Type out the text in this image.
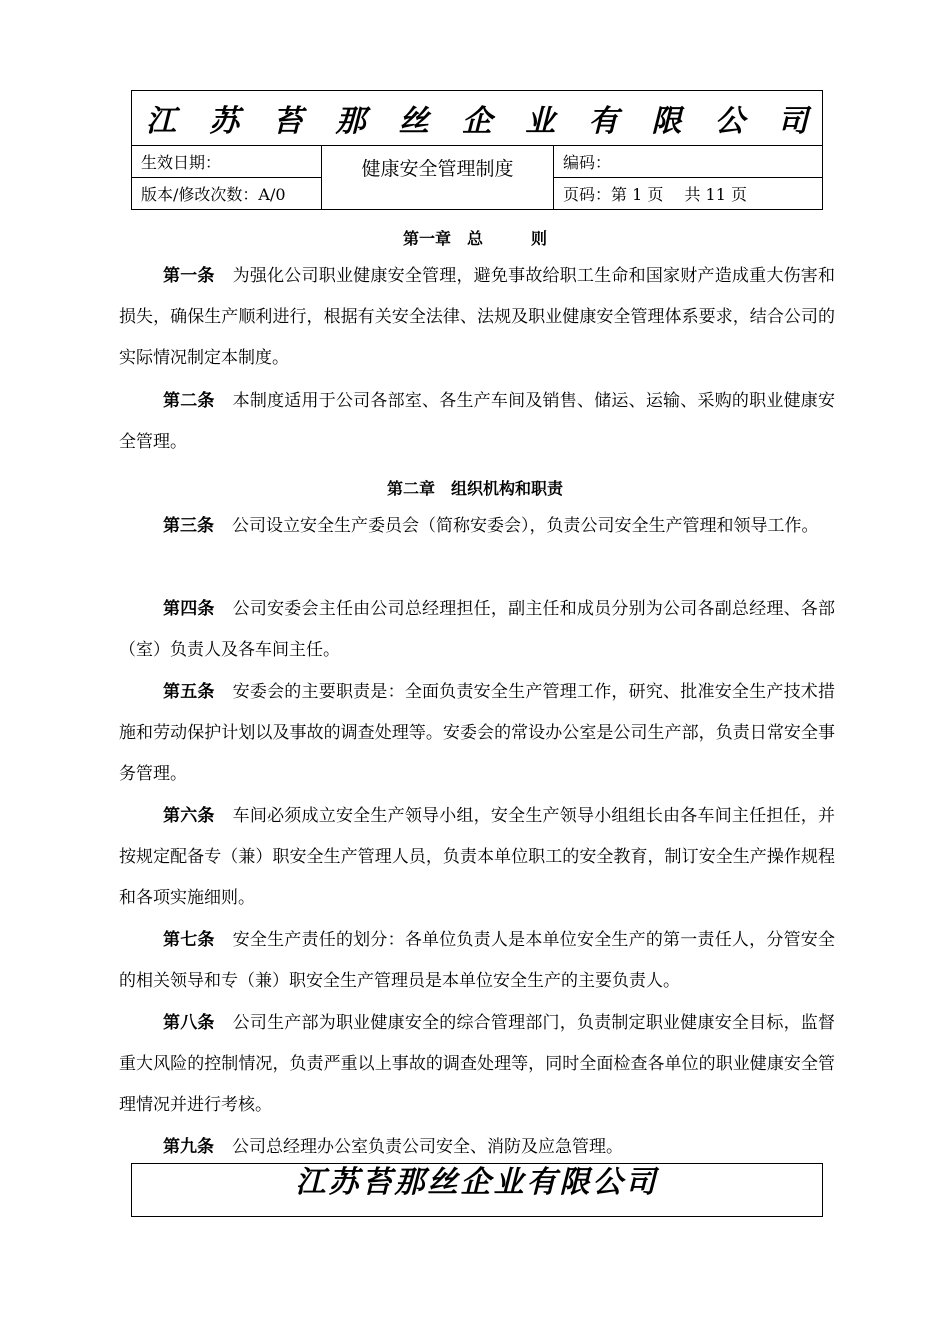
江 苏 苔 那 丝 企 业 有 限 公 司
生效日期：
版本/修改次数：A/0
健康安全管理制度	编码：
页码：第 1 页　 共 11 页
第一章　总　　　则

第一条 为强化公司职业健康安全管理，避免事故给职工生命和国家财产造成重大伤害和损失，确保生产顺利进行，根据有关安全法律、法规及职业健康安全管理体系要求，结合公司的实际情况制定本制度。

第二条 本制度适用于公司各部室、各生产车间及销售、储运、运输、采购的职业健康安全管理。

第二章　组织机构和职责

第三条 公司设立安全生产委员会（简称安委会），负责公司安全生产管理和领导工作。

第四条 公司安委会主任由公司总经理担任，副主任和成员分别为公司各副总经理、各部（室）负责人及各车间主任。

第五条 安委会的主要职责是：全面负责安全生产管理工作，研究、批准安全生产技术措施和劳动保护计划以及事故的调查处理等。安委会的常设办公室是公司生产部，负责日常安全事务管理。

第六条 车间必须成立安全生产领导小组，安全生产领导小组组长由各车间主任担任，并按规定配备专（兼）职安全生产管理人员，负责本单位职工的安全教育，制订安全生产操作规程和各项实施细则。

第七条 安全生产责任的划分：各单位负责人是本单位安全生产的第一责任人，分管安全的相关领导和专（兼）职安全生产管理员是本单位安全生产的主要负责人。

第八条 公司生产部为职业健康安全的综合管理部门，负责制定职业健康安全目标，监督重大风险的控制情况，负责严重以上事故的调查处理等，同时全面检查各单位的职业健康安全管理情况并进行考核。

第九条 公司总经理办公室负责公司安全、消防及应急管理。

江苏苔那丝企业有限公司
